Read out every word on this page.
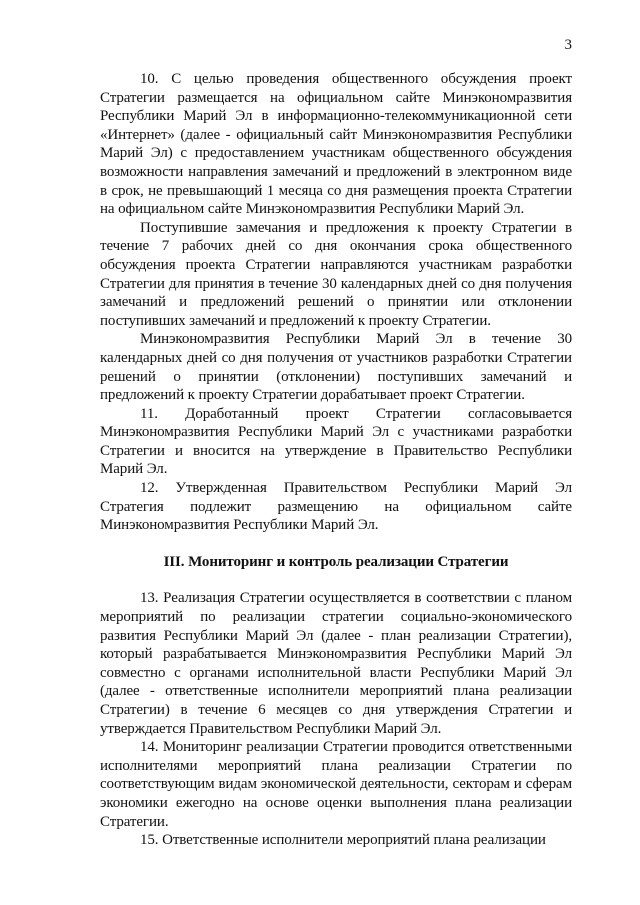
3

10. С целью проведения общественного обсуждения проект Стратегии размещается на официальном сайте Минэкономразвития Республики Марий Эл в информационно-телекоммуникационной сети «Интернет» (далее - официальный сайт Минэкономразвития Республики Марий Эл) с предоставлением участникам общественного обсуждения возможности направления замечаний и предложений в электронном виде в срок, не превышающий 1 месяца со дня размещения проекта Стратегии на официальном сайте Минэкономразвития Республики Марий Эл.

Поступившие замечания и предложения к проекту Стратегии в течение 7 рабочих дней со дня окончания срока общественного обсуждения проекта Стратегии направляются участникам разработки Стратегии для принятия в течение 30 календарных дней со дня получения замечаний и предложений решений о принятии или отклонении поступивших замечаний и предложений к проекту Стратегии.

Минэкономразвития Республики Марий Эл в течение 30 календарных дней со дня получения от участников разработки Стратегии решений о принятии (отклонении) поступивших замечаний и предложений к проекту Стратегии дорабатывает проект Стратегии.

11. Доработанный проект Стратегии согласовывается Минэкономразвития Республики Марий Эл с участниками разработки Стратегии и вносится на утверждение в Правительство Республики Марий Эл.

12. Утвержденная Правительством Республики Марий Эл Стратегия подлежит размещению на официальном сайте Минэкономразвития Республики Марий Эл.

III. Мониторинг и контроль реализации Стратегии

13. Реализация Стратегии осуществляется в соответствии с планом мероприятий по реализации стратегии социально-экономического развития Республики Марий Эл (далее - план реализации Стратегии), который разрабатывается Минэкономразвития Республики Марий Эл совместно с органами исполнительной власти Республики Марий Эл (далее - ответственные исполнители мероприятий плана реализации Стратегии) в течение 6 месяцев со дня утверждения Стратегии и утверждается Правительством Республики Марий Эл.

14. Мониторинг реализации Стратегии проводится ответственными исполнителями мероприятий плана реализации Стратегии по соответствующим видам экономической деятельности, секторам и сферам экономики ежегодно на основе оценки выполнения плана реализации Стратегии.

15. Ответственные исполнители мероприятий плана реализации
